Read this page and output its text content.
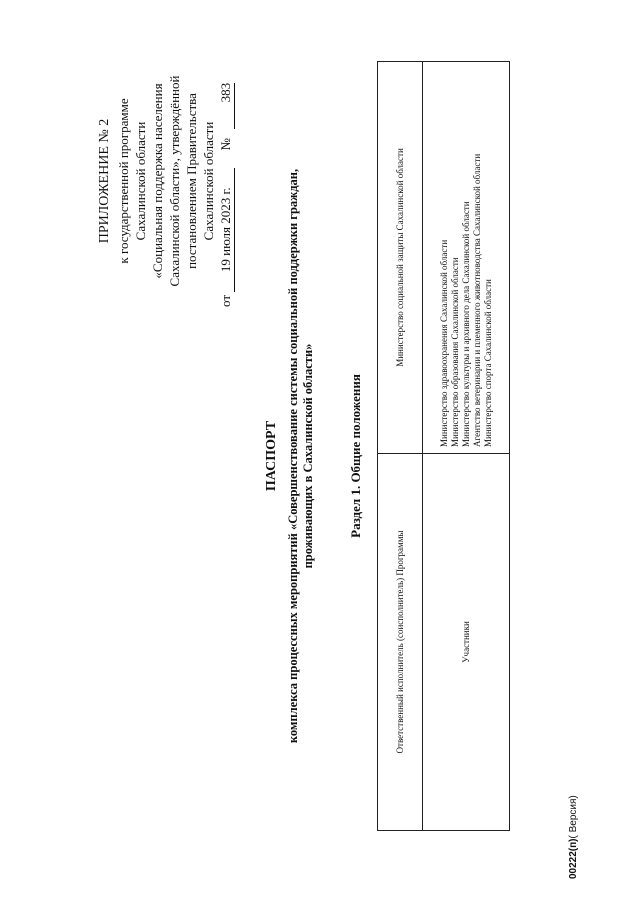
ПРИЛОЖЕНИЕ № 2 к государственной программе Сахалинской области «Социальная поддержка населения Сахалинской области», утверждённой постановлением Правительства Сахалинской области
от 19 июля 2023 г. № 383
ПАСПОРТ комплекса процессных мероприятий «Совершенствование системы социальной поддержки граждан, проживающих в Сахалинской области»	Раздел 1. Общие положения
Ответственный исполнитель (соисполнитель) Программы	Министерство социальной защиты Сахалинской области
Участники	Министерство здравоохранения Сахалинской области Министерство образования Сахалинской области Министерство культуры и архивного дела Сахалинской области Агентство ветеринарии и племенного животноводства Сахалинской области Министерство спорта Сахалинской области
00222(п)( Версия)
